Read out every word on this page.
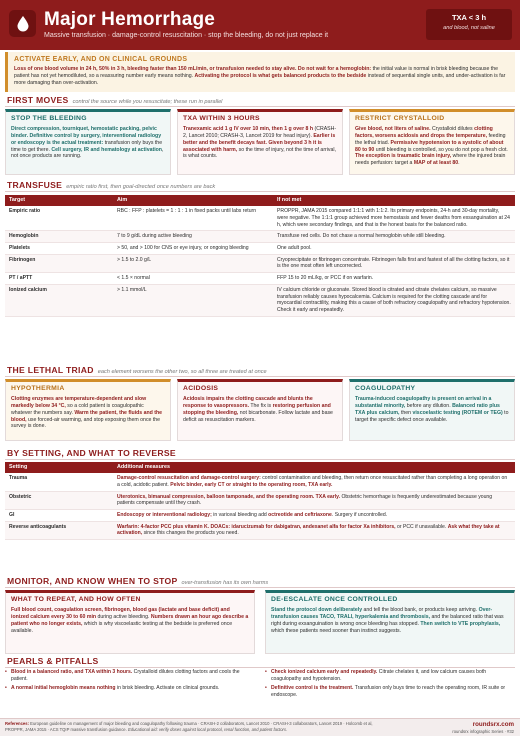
Major Hemorrhage
Massive transfusion · damage-control resuscitation · stop the bleeding, do not just replace it
TXA < 3 h
and blood, not saline
ACTIVATE EARLY, AND ON CLINICAL GROUNDS
Loss of one blood volume in 24 h, 50% in 3 h, bleeding faster than 150 mL/min, or transfusion needed to stay alive. Do not wait for a hemoglobin: the initial value is normal in brisk bleeding because the patient has not yet hemodiluted, so a reassuring number early means nothing. Activating the protocol is what gets balanced products to the bedside instead of sequential single units, and under-activation is far more damaging than over-activation.
FIRST MOVES control the source while you resuscitate; these run in parallel
STOP THE BLEEDING
Direct compression, tourniquet, hemostatic packing, pelvic binder. Definitive control by surgery, interventional radiology or endoscopy is the actual treatment: transfusion only buys the time to get there. Cell surgery, IR and hematology at activation, not once products are running.
TXA WITHIN 3 HOURS
Tranexamic acid 1 g IV over 10 min, then 1 g over 8 h (CRASH-2, Lancet 2010; CRASH-3, Lancet 2019 for head injury). Earlier is better and the benefit decays fast. Given beyond 3 h it is associated with harm, so the time of injury, not the time of arrival, is what counts.
RESTRICT CRYSTALLOID
Give blood, not liters of saline. Crystalloid dilutes clotting factors, worsens acidosis and drops the temperature, feeding the lethal triad. Permissive hypotension to a systolic of about 80 to 90 until bleeding is controlled, so you do not pop a fresh clot. The exception is traumatic brain injury, where the injured brain needs perfusion: target a MAP of at least 80.
TRANSFUSE empiric ratio first, then goal-directed once numbers are back
Target	Aim	If not met
Empiric ratio	RBC : FFP : platelets = 1 : 1 : 1 in fixed packs until labs return	PROPPR, JAMA 2015 compared 1:1:1 with 1:1:2. Its primary endpoints, 24-h and 30-day mortality, were negative. The 1:1:1 group achieved more hemostasis and fewer deaths from exsanguination at 24 h, which were secondary findings, and that is the honest basis for the balanced ratio.
Hemoglobin	7 to 9 g/dL during active bleeding	Transfuse red cells. Do not chase a normal hemoglobin while still bleeding.
Platelets	> 50, and > 100 for CNS or eye injury, or ongoing bleeding	One adult pool.
Fibrinogen	> 1.5 to 2.0 g/L	Cryoprecipitate or fibrinogen concentrate. Fibrinogen falls first and fastest of all the clotting factors, so it is the one most often left uncorrected.
PT / aPTT	< 1.5 × normal	FFP 15 to 20 mL/kg, or PCC if on warfarin.
Ionized calcium	> 1.1 mmol/L	IV calcium chloride or gluconate. Stored blood is citrated and citrate chelates calcium, so massive transfusion reliably causes hypocalcemia. Calcium is required for the clotting cascade and for myocardial contractility, making this a cause of both refractory coagulopathy and refractory hypotension. Check it early and repeatedly.
THE LETHAL TRIAD each element worsens the other two, so all three are treated at once
HYPOTHERMIA
Clotting enzymes are temperature-dependent and slow markedly below 34 °C, so a cold patient is coagulopathic whatever the numbers say. Warm the patient, the fluids and the blood, use forced-air warming, and stop exposing them once the survey is done.
ACIDOSIS
Acidosis impairs the clotting cascade and blunts the response to vasopressors. The fix is restoring perfusion and stopping the bleeding, not bicarbonate. Follow lactate and base deficit as resuscitation markers.
COAGULOPATHY
Trauma-induced coagulopathy is present on arrival in a substantial minority, before any dilution. Balanced ratio plus TXA plus calcium, then viscoelastic testing (ROTEM or TEG) to target the specific defect once available.
BY SETTING, AND WHAT TO REVERSE
Setting	Additional measures
Trauma	Damage-control resuscitation and damage-control surgery: control contamination and bleeding, then return once resuscitated rather than completing a long operation on a cold, acidotic patient. Pelvic binder, early CT or straight to the operating room, TXA early.
Obstetric	Uterotonics, bimanual compression, balloon tamponade, and the operating room. TXA early. Obstetric hemorrhage is frequently underestimated because young patients compensate until they crash.
GI	Endoscopy or interventional radiology; in variceal bleeding add octreotide and ceftriaxone. Surgery if uncontrolled.
Reverse anticoagulants	Warfarin: 4-factor PCC plus vitamin K. DOACs: idarucizumab for dabigatran, andexanet alfa for factor Xa inhibitors, or PCC if unavailable. Ask what they take at activation, since this changes the products you need.
MONITOR, AND KNOW WHEN TO STOP over-transfusion has its own harms
WHAT TO REPEAT, AND HOW OFTEN
Full blood count, coagulation screen, fibrinogen, blood gas (lactate and base deficit) and ionized calcium every 30 to 60 min during active bleeding. Numbers drawn an hour ago describe a patient who no longer exists, which is why viscoelastic testing at the bedside is preferred once available.
DE-ESCALATE ONCE CONTROLLED
Stand the protocol down deliberately and tell the blood bank, or products keep arriving. Over-transfusion causes TACO, TRALI, hyperkalemia and thrombosis, and the balanced ratio that was right during exsanguination is wrong once bleeding has stopped. Then switch to VTE prophylaxis, which these patients need sooner than instinct suggests.
PEARLS & PITFALLS
• Blood in a balanced ratio, and TXA within 3 hours. Crystalloid dilutes clotting factors and cools the patient.
• A normal initial hemoglobin means nothing in brisk bleeding. Activate on clinical grounds.
• Check ionized calcium early and repeatedly. Citrate chelates it, and low calcium causes both coagulopathy and hypotension.
• Definitive control is the treatment. Transfusion only buys time to reach the operating room, IR suite or endoscope.
References: European guideline on management of major bleeding and coagulopathy following trauma · CRASH-2 collaborators, Lancet 2010 · CRASH-3 collaborators, Lancet 2019 · Holcomb et al, PROPPR, JAMA 2015 · ACS TQIP massive transfusion guidance. Educational aid: verify doses against local protocol, renal function, and patient factors.
roundsrx.com
roundsrx infographic Series · #32
